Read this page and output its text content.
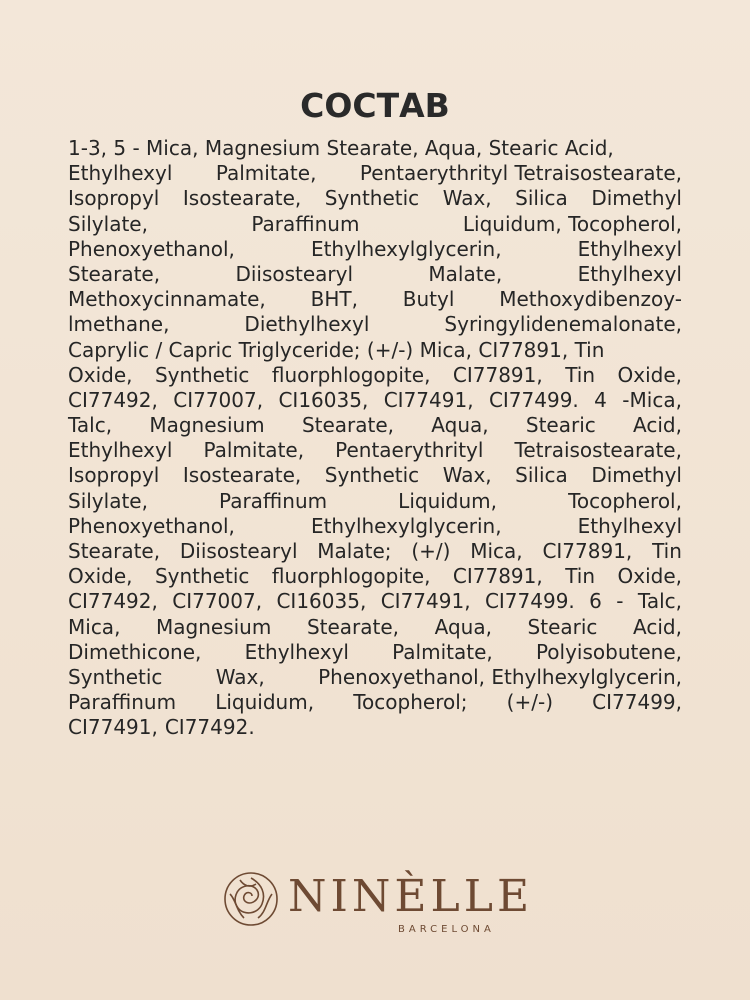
СОСТАВ
1-3, 5 - Mica, Magnesium Stearate, Aqua, Stearic Acid,
Ethylhexyl Palmitate, Pentaerythrityl Tetraisostearate,
Isopropyl Isostearate, Synthetic Wax, Silica Dimethyl
Silylate,	Paraffinum	Liquidum, Tocopherol,
Phenoxyethanol,	Ethylhexylglycerin,	Ethylhexyl
Stearate,	Diisostearyl	Malate,	Ethylhexyl
Methoxycinnamate, BHT, Butyl Methoxydibenzoy-
lmethane,	Diethylhexyl	Syringylidenemalonate,
Caprylic / Capric Triglyceride; (+/-) Mica, CI77891, Tin
Oxide, Synthetic fluorphlogopite, CI77891, Tin Oxide,
CI77492, CI77007, CI16035, CI77491, CI77499. 4 -Mica,
Talc, Magnesium Stearate, Aqua, Stearic Acid,
Ethylhexyl Palmitate, Pentaerythrityl Tetraisostearate,
Isopropyl Isostearate, Synthetic Wax, Silica Dimethyl
Silylate,	Paraffinum	Liquidum,	Tocopherol,
Phenoxyethanol,	Ethylhexylglycerin,	Ethylhexyl
Stearate, Diisostearyl Malate; (+/) Mica, CI77891, Tin
Oxide, Synthetic fluorphlogopite, CI77891, Tin Oxide,
CI77492, CI77007, CI16035, CI77491, CI77499. 6 - Talc,
Mica, Magnesium Stearate, Aqua, Stearic Acid,
Dimethicone, Ethylhexyl Palmitate, Polyisobutene,
Synthetic	Wax,	Phenoxyethanol, Ethylhexylglycerin,
Paraffinum Liquidum, Tocopherol; (+/-) CI77499,
CI77491, CI77492.
NINÈLLE
BARCELONA
